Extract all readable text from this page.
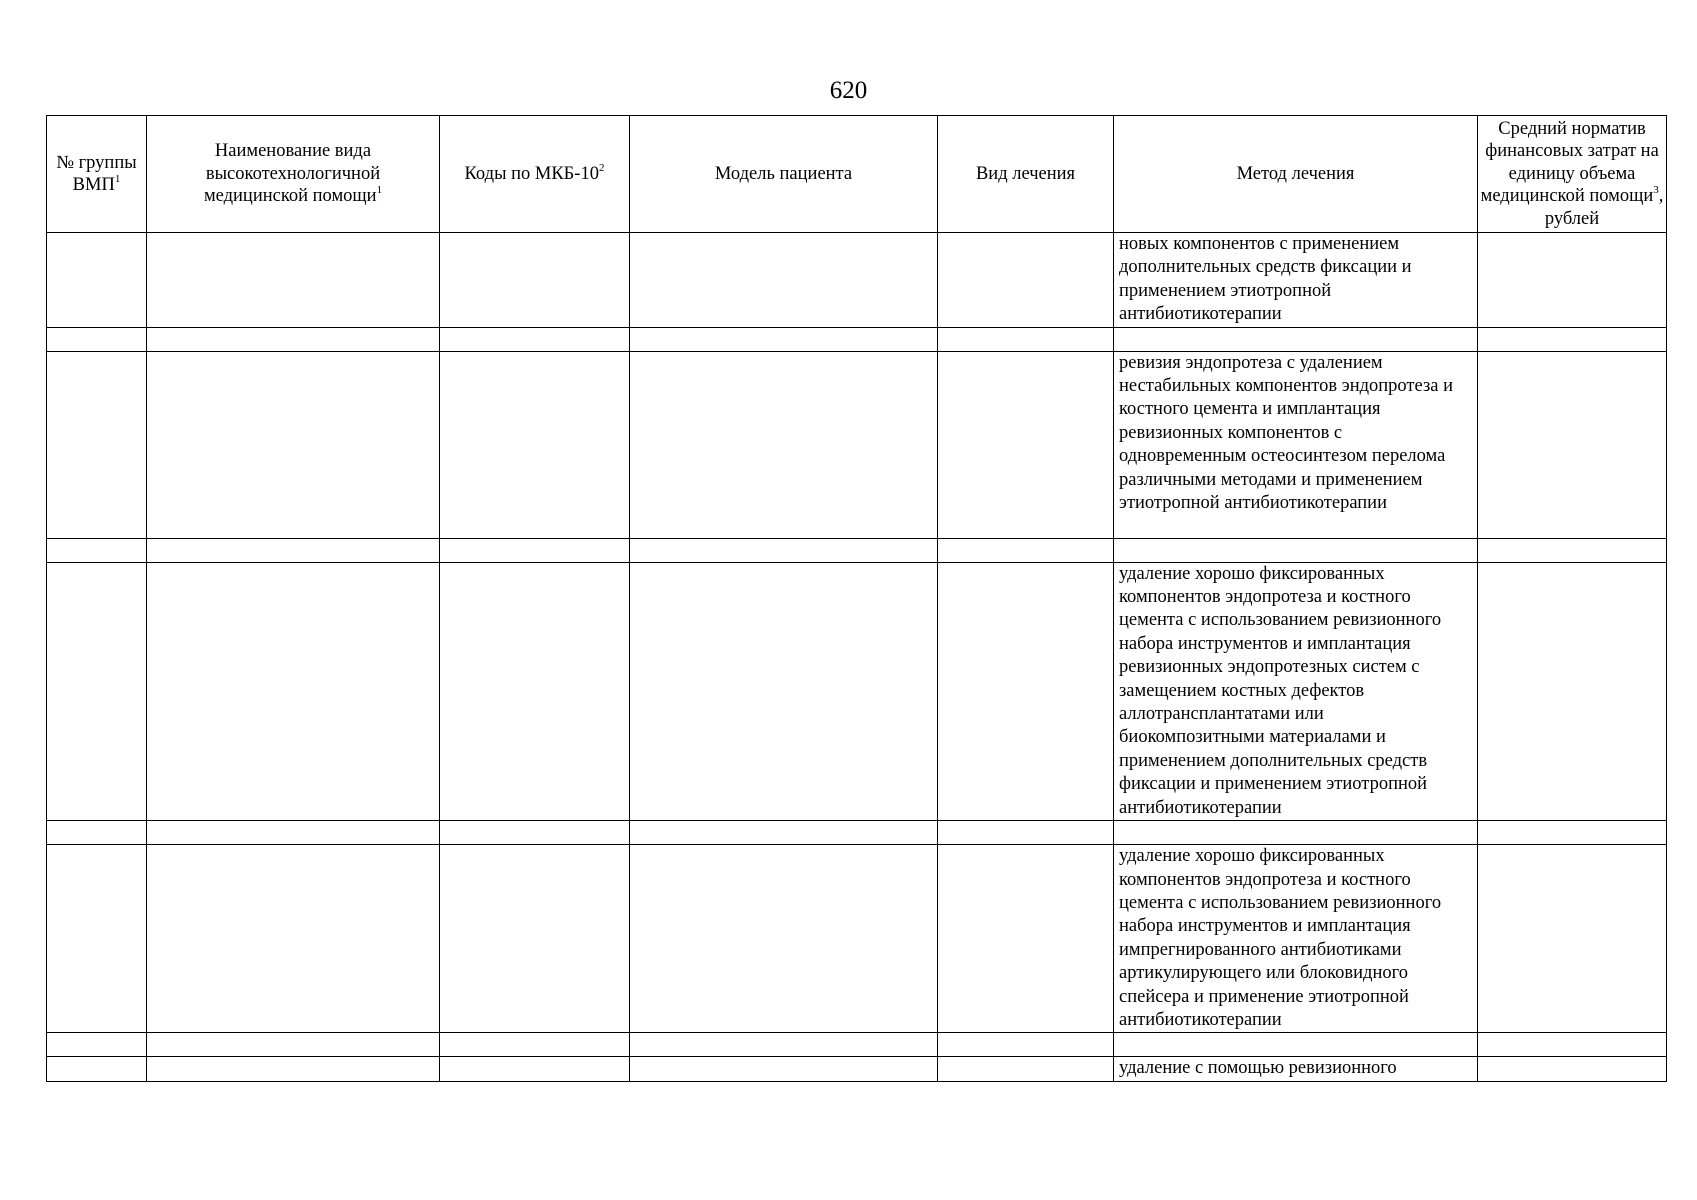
620
№ группы ВМП$^1$	Наименование вида высокотехнологичной медицинской помощи$^1$	Коды по МКБ-$10^2$	Модель пациента	Вид лечения	Метод лечения	Средний норматив финансовых затрат на единицу объема медицинской помощи$^3$, рублей

					новых компонентов с применением дополнительных средств фиксации и применением этиотропной антибиотикотерапии	

					ревизия эндопротеза с удалением нестабильных компонентов эндопротеза и костного цемента и имплантация ревизионных компонентов с одновременным остеосинтезом перелома различными методами и применением этиотропной антибиотикотерапии	

					удаление хорошо фиксированных компонентов эндопротеза и костного цемента с использованием ревизионного набора инструментов и имплантация ревизионных эндопротезных систем с замещением костных дефектов аллотрансплантатами или биокомпозитными материалами и применением дополнительных средств фиксации и применением этиотропной антибиотикотерапии	

					удаление хорошо фиксированных компонентов эндопротеза и костного цемента с использованием ревизионного набора инструментов и имплантация импрегнированного антибиотиками артикулирующего или блоковидного спейсера и применение этиотропной антибиотикотерапии	

					удаление с помощью ревизионного	
